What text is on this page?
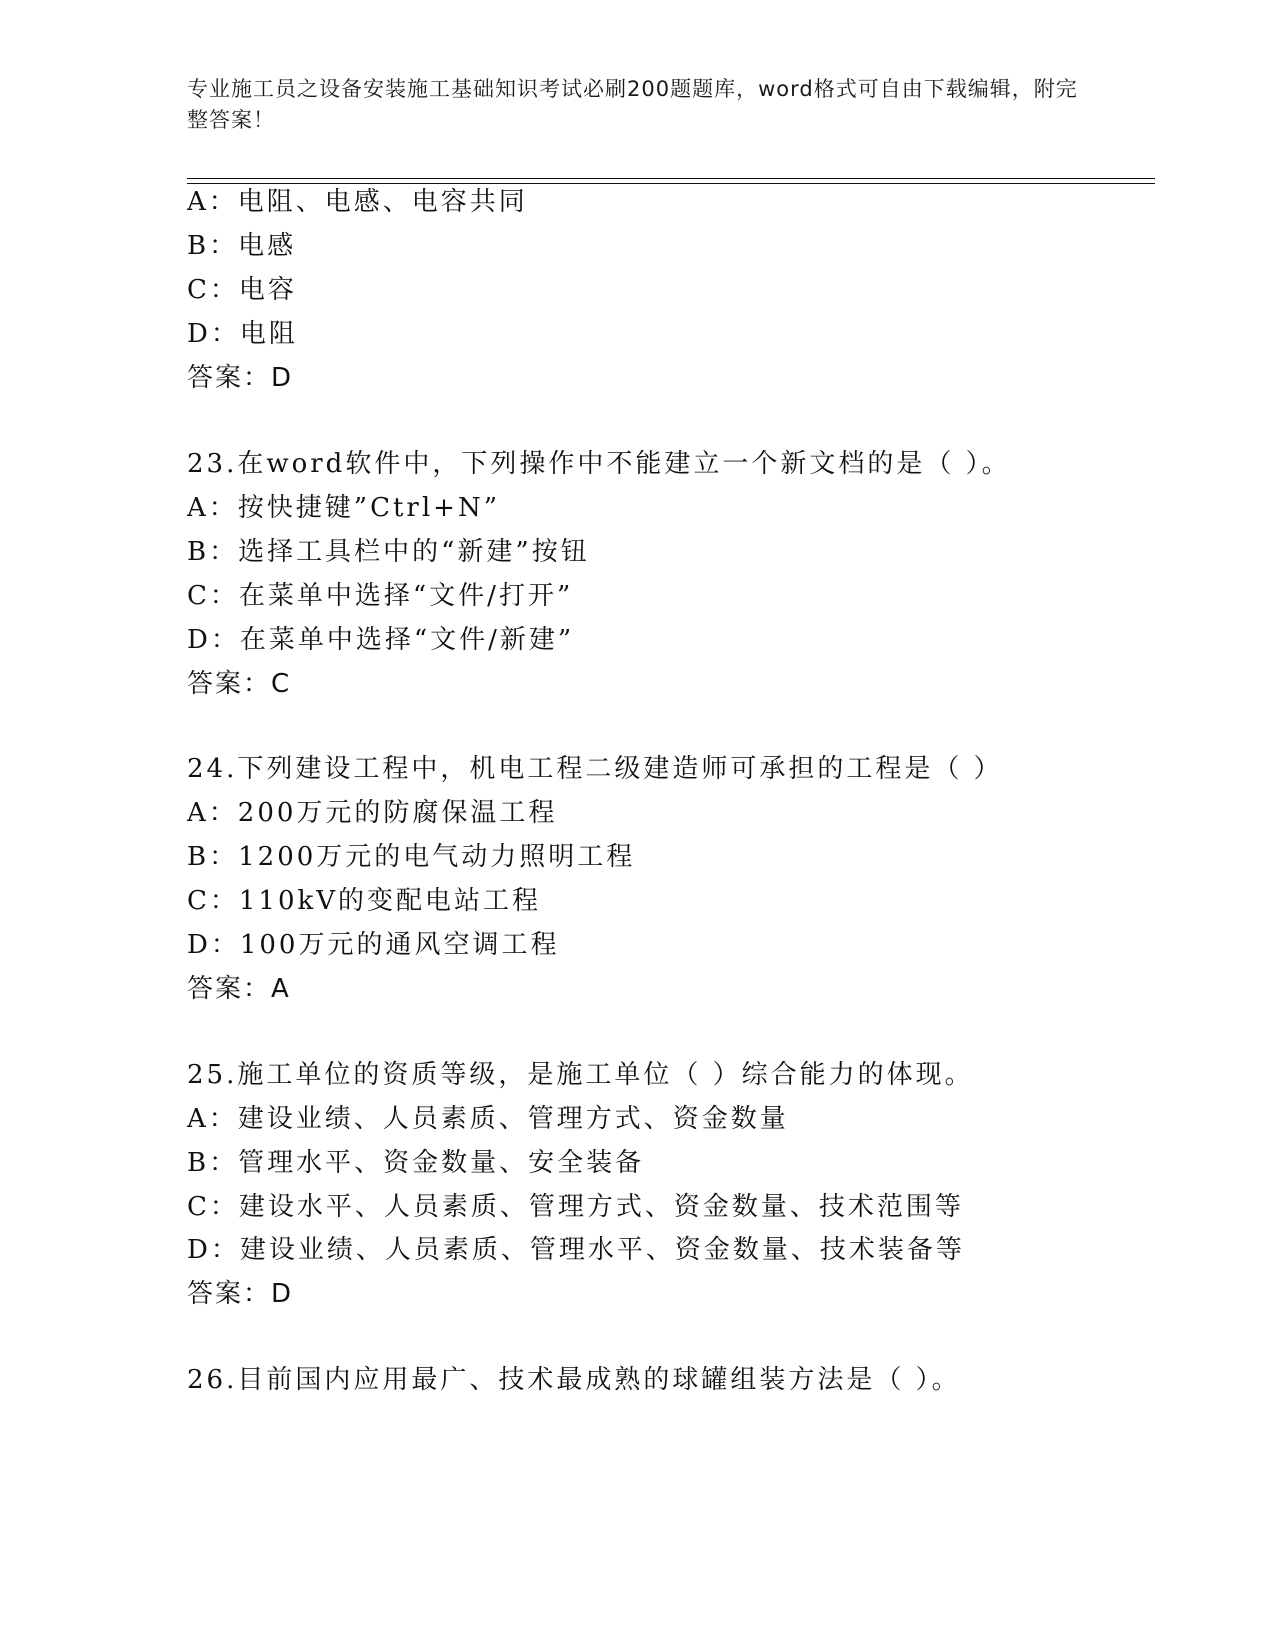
专业施工员之设备安装施工基础知识考试必刷200题题库，word格式可自由下载编辑，附完整答案！
A：电阻、电感、电容共同
B：电感
C：电容
D：电阻
答案：D
23.在word软件中，下列操作中不能建立一个新文档的是（ ）。
A：按快捷键”Ctrl+N”
B：选择工具栏中的“新建”按钮
C：在菜单中选择“文件/打开”
D：在菜单中选择“文件/新建”
答案：C
24.下列建设工程中，机电工程二级建造师可承担的工程是（ ）
A：200万元的防腐保温工程
B：1200万元的电气动力照明工程
C：110kV的变配电站工程
D：100万元的通风空调工程
答案：A
25.施工单位的资质等级，是施工单位（ ）综合能力的体现。
A：建设业绩、人员素质、管理方式、资金数量
B：管理水平、资金数量、安全装备
C：建设水平、人员素质、管理方式、资金数量、技术范围等
D：建设业绩、人员素质、管理水平、资金数量、技术装备等
答案：D
26.目前国内应用最广、技术最成熟的球罐组装方法是（ ）。
